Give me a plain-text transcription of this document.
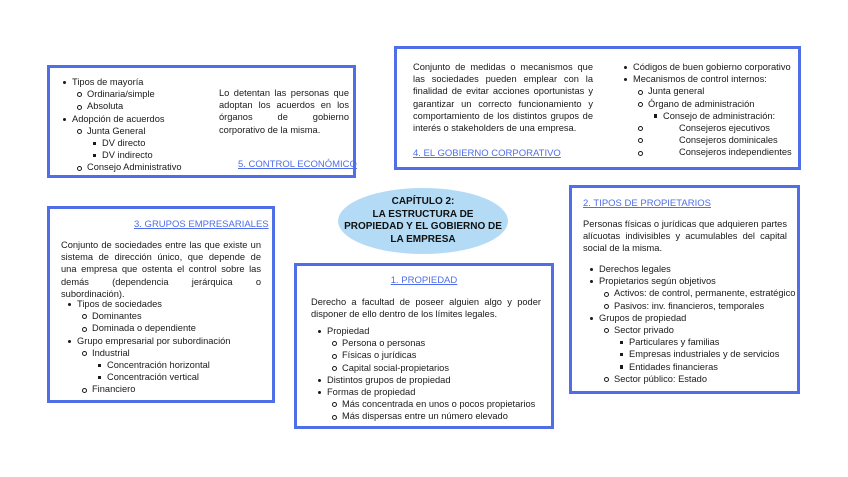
Tipos de mayoría
Ordinaria/simple
Absoluta
Adopción de acuerdos
Junta General
DV directo
DV indirecto
Consejo Administrativo
Lo detentan las personas que adoptan los acuerdos en los órganos de gobierno corporativo de la misma.
5. CONTROL ECONÓMICO
Conjunto de medidas o mecanismos que las sociedades pueden emplear con la finalidad de evitar acciones oportunistas y garantizar un correcto funcionamiento y comportamiento de los distintos grupos de interés o stakeholders de una empresa.
4. EL GOBIERNO CORPORATIVO
Códigos de buen gobierno corporativo
Mecanismos de control internos:
Junta general
Órgano de administración
Consejo de administración:
Consejeros ejecutivos
Consejeros dominicales
Consejeros independientes
CAPÍTULO 2:
LA ESTRUCTURA DE
PROPIEDAD Y EL GOBIERNO DE
LA EMPRESA
3. GRUPOS EMPRESARIALES
Conjunto de sociedades entre las que existe un sistema de dirección único, que depende de una empresa que ostenta el control sobre las demás (dependencia jerárquica o subordinación).
Tipos de sociedades
Dominantes
Dominada o dependiente
Grupo empresarial por subordinación
Industrial
Concentración horizontal
Concentración vertical
Financiero
1. PROPIEDAD
Derecho a facultad de poseer alguien algo y poder disponer de ello dentro de los límites legales.
Propiedad
Persona o personas
Físicas o jurídicas
Capital social-propietarios
Distintos grupos de propiedad
Formas de propiedad
Más concentrada en unos o pocos propietarios
Más dispersas entre un número elevado
2. TIPOS DE PROPIETARIOS
Personas físicas o jurídicas que adquieren partes alícuotas indivisibles y acumulables del capital social de la misma.
Derechos legales
Propietarios según objetivos
Activos: de control, permanente, estratégico
Pasivos: inv. financieros, temporales
Grupos de propiedad
Sector privado
Particulares y familias
Empresas industriales y de servicios
Entidades financieras
Sector público: Estado
